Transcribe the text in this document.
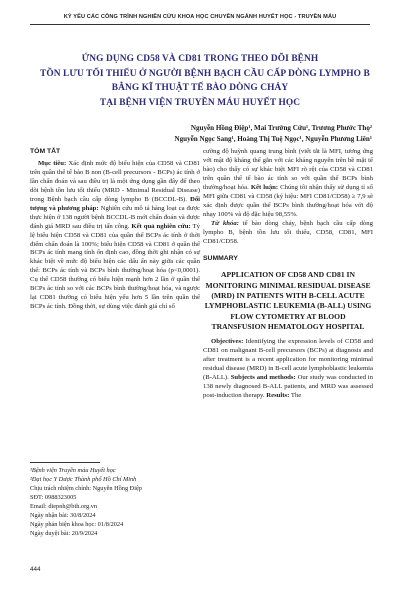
KỶ YẾU CÁC CÔNG TRÌNH NGHIÊN CỨU KHOA HỌC CHUYÊN NGÀNH HUYẾT HỌC - TRUYỀN MÁU
ỨNG DỤNG CD58 VÀ CD81 TRONG THEO DÕI BỆNH
TỒN LƯU TỐI THIỂU Ở NGƯỜI BỆNH BẠCH CẦU CẤP DÒNG LYMPHO B
BẰNG KĨ THUẬT TẾ BÀO DÒNG CHẢY
TẠI BỆNH VIỆN TRUYỀN MÁU HUYẾT HỌC
Nguyễn Hồng Điệp¹, Mai Trường Cửu¹, Trương Phước Thọ²
Nguyễn Ngọc Sang¹, Hoàng Thị Tuệ Ngọc¹, Nguyễn Phương Liên¹
TÓM TẮT

Mục tiêu: Xác định mức độ biểu hiện của CD58 và CD81 trên quần thể tế bào B non (B-cell precursors - BCPs) ác tính ở lần chẩn đoán và sau điều trị là một ứng dụng gần đây để theo dõi bệnh tồn lưu tối thiểu (MRD - Minimal Residual Disease) trong Bệnh bạch cầu cấp dòng lympho B (BCCDL-B). Đối tượng và phương pháp: Nghiên cứu mô tả hàng loạt ca được thực hiện ở 138 người bệnh BCCDL-B mới chẩn đoán và được đánh giá MRD sau điều trị tấn công. Kết quả nghiên cứu: Tỷ lệ biểu hiện CD58 và CD81 của quần thể BCPs ác tính ở thời điểm chẩn đoán là 100%; biểu hiện CD58 và CD81 ở quần thể BCPs ác tính mang tính ổn định cao, đồng thời ghi nhận có sự khác biệt về mức độ biểu hiện các dấu ấn này giữa các quần thể: BCPs ác tính và BCPs bình thường/hoạt hóa (p<0,0001). Cụ thể CD58 thường có biểu hiện mạnh hơn 2 lần ở quần thể BCPs ác tính so với các BCPs bình thường/hoạt hóa, và ngược lại CD81 thường có biểu hiện yếu hơn 5 lần trên quần thể BCPs ác tính. Đồng thời, sự dùng việc đánh giá chỉ số

¹Bệnh viện Truyền máu Huyết học
²Đại học Y Dược Thành phố Hồ Chí Minh
Chịu trách nhiệm chính: Nguyễn Hồng Điệp
SĐT: 0988323005
Email: diepnh@bth.org.vn
Ngày nhận bài: 30/8/2024
Ngày phản biện khoa học: 01/8/2024
Ngày duyệt bài: 20/9/2024

cường độ huỳnh quang trung bình (viết tắt là MFI, tương ứng với mật độ kháng thể gắn với các kháng nguyên trên bề mặt tế bào) cho thấy có sự khác biệt MFI rõ rệt của CD58 và CD81 trên quần thể tế bào ác tính so với quần thể BCPs bình thường/hoạt hóa. Kết luận: Chúng tôi nhận thấy sử dụng tỉ số MFI giữa CD81 và CD58 (ký hiệu: MFI CD81/CD58) ≥ 7,9 sẽ xác định được quần thể BCPs bình thường/hoạt hóa với độ nhạy 100% và độ đặc hiệu 98,55%.

Từ khóa: tế bào dòng chảy, bệnh bạch cầu cấp dòng lympho B, bệnh tồn lưu tối thiểu, CD58, CD81, MFI CD81/CD58.

SUMMARY
APPLICATION OF CD58 AND CD81 IN MONITORING MINIMAL RESIDUAL DISEASE (MRD) IN PATIENTS WITH B-CELL ACUTE LYMPHOBLASTIC LEUKEMIA (B-ALL) USING FLOW CYTOMETRY AT BLOOD TRANSFUSION HEMATOLOGY HOSPITAL

Objectives: Identifying the expression levels of CD58 and CD81 on malignant B-cell precursors (BCPs) at diagnosis and after treatment is a recent application for monitoring minimal residual disease (MRD) in B-cell acute lymphoblastic leukemia (B-ALL). Subjects and methods: Our study was conducted in 138 newly diagnosed B-ALL patients, and MRD was assessed post-induction therapy. Results: The

444
